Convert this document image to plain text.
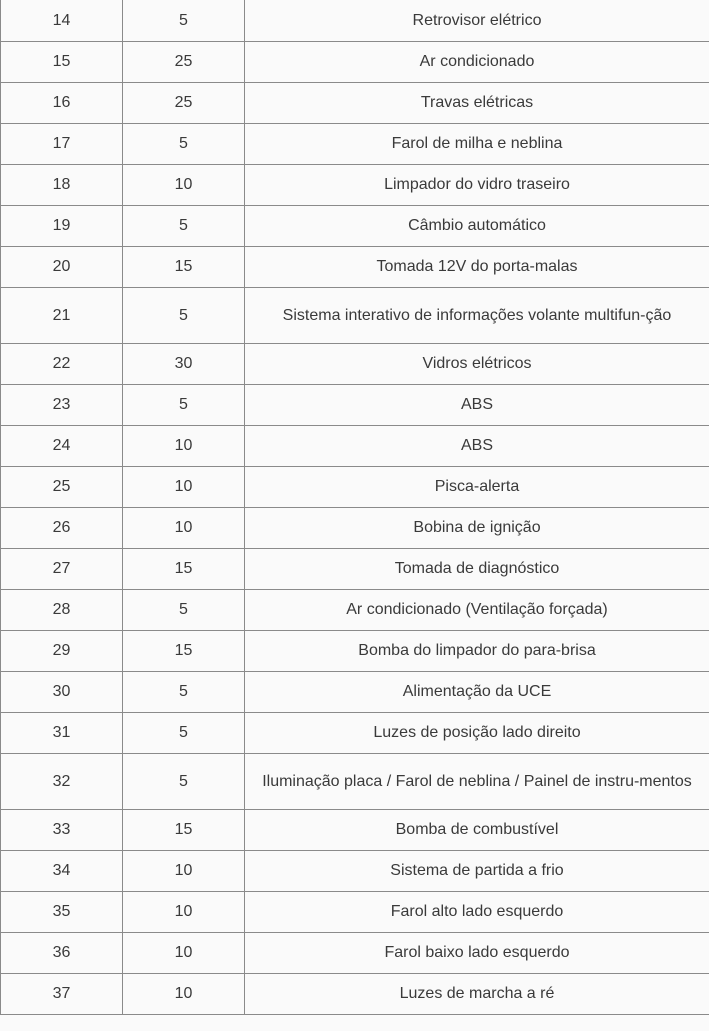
14	5	Retrovisor elétrico
15	25	Ar condicionado
16	25	Travas elétricas
17	5	Farol de milha e neblina
18	10	Limpador do vidro traseiro
19	5	Câmbio automático
20	15	Tomada 12V do porta-malas
21	5	Sistema interativo de informações volante multifun-ção
22	30	Vidros elétricos
23	5	ABS
24	10	ABS
25	10	Pisca-alerta
26	10	Bobina de ignição
27	15	Tomada de diagnóstico
28	5	Ar condicionado (Ventilação forçada)
29	15	Bomba do limpador do para-brisa
30	5	Alimentação da UCE
31	5	Luzes de posição lado direito
32	5	Iluminação placa / Farol de neblina / Painel de instru-mentos
33	15	Bomba de combustível
34	10	Sistema de partida a frio
35	10	Farol alto lado esquerdo
36	10	Farol baixo lado esquerdo
37	10	Luzes de marcha a ré
